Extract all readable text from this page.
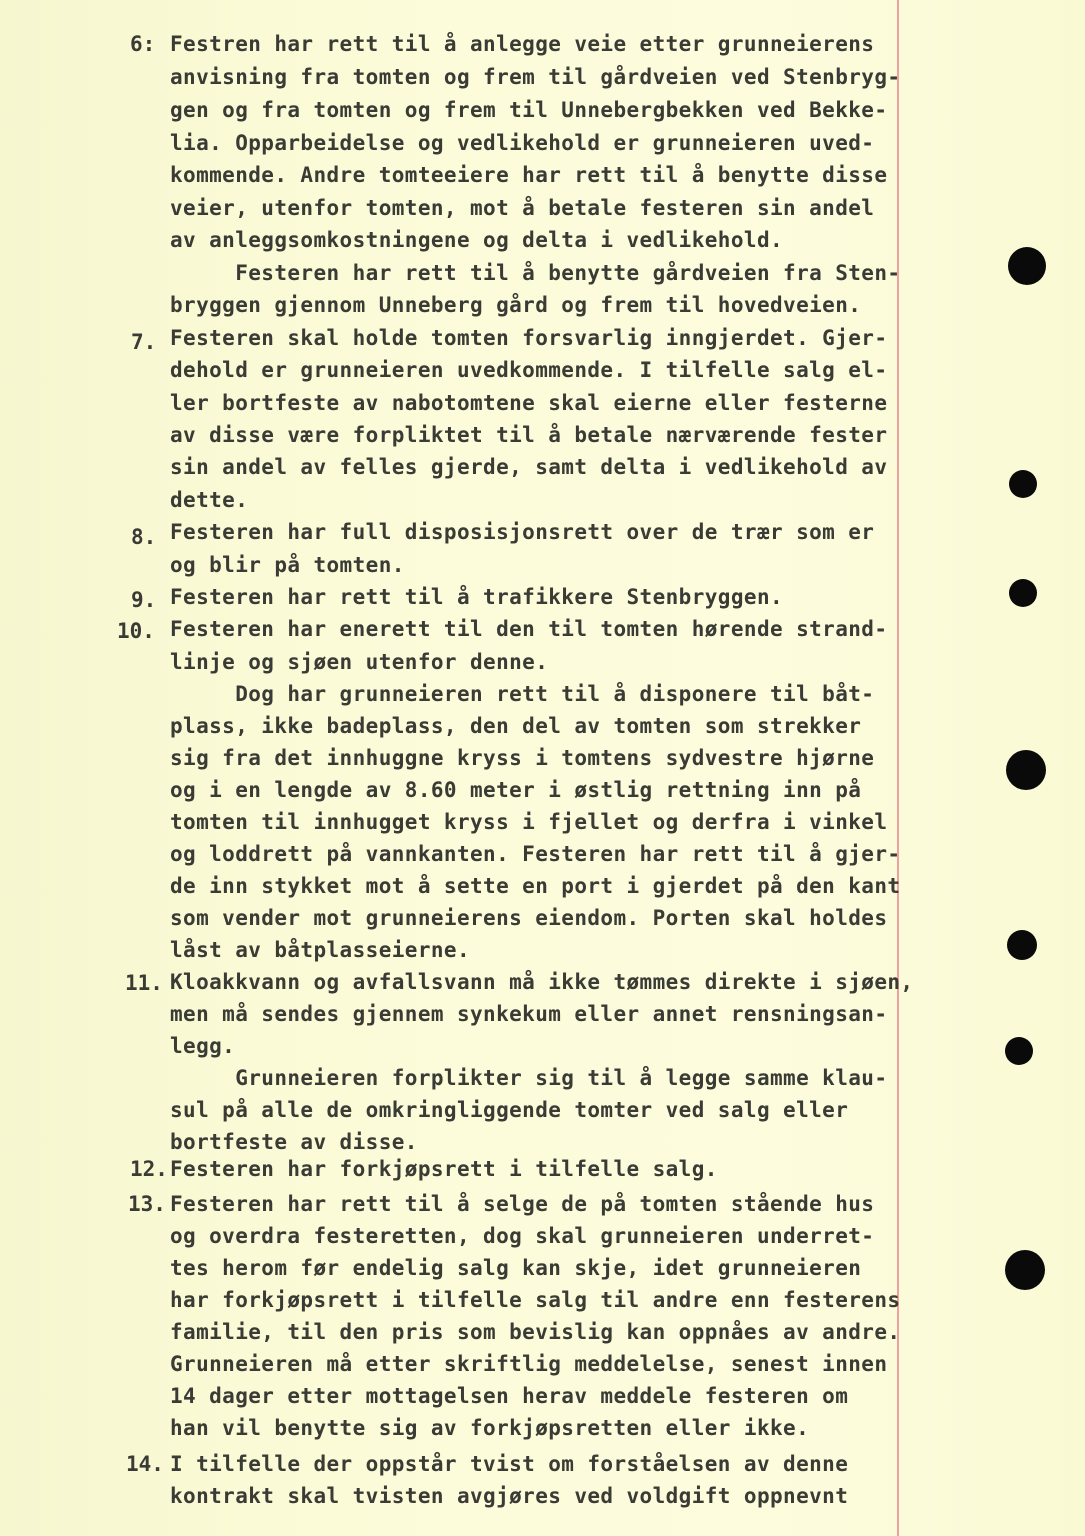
6:
7.
8.
9.
10.
11.
12.
13.
14.
Festren har rett til å anlegge veie etter grunneierens
anvisning fra tomten og frem til gårdveien ved Stenbryg-
gen og fra tomten og frem til Unnebergbekken ved Bekke-
lia. Opparbeidelse og vedlikehold er grunneieren uved-
kommende. Andre tomteeiere har rett til å benytte disse
veier, utenfor tomten, mot å betale festeren sin andel
av anleggsomkostningene og delta i vedlikehold.
Festeren har rett til å benytte gårdveien fra Sten-
bryggen gjennom Unneberg gård og frem til hovedveien.
Festeren skal holde tomten forsvarlig inngjerdet. Gjer-
dehold er grunneieren uvedkommende. I tilfelle salg el-
ler bortfeste av nabotomtene skal eierne eller festerne
av disse være forpliktet til å betale nærværende fester
sin andel av felles gjerde, samt delta i vedlikehold av
dette.
Festeren har full disposisjonsrett over de trær som er
og blir på tomten.
Festeren har rett til å trafikkere Stenbryggen.
Festeren har enerett til den til tomten hørende strand-
linje og sjøen utenfor denne.
Dog har grunneieren rett til å disponere til båt-
plass, ikke badeplass, den del av tomten som strekker
sig fra det innhuggne kryss i tomtens sydvestre hjørne
og i en lengde av 8.60 meter i østlig rettning inn på
tomten til innhugget kryss i fjellet og derfra i vinkel
og loddrett på vannkanten. Festeren har rett til å gjer-
de inn stykket mot å sette en port i gjerdet på den kant
som vender mot grunneierens eiendom. Porten skal holdes
låst av båtplasseierne.
Kloakkvann og avfallsvann må ikke tømmes direkte i sjøen,
men må sendes gjennem synkekum eller annet rensningsan-
legg.
Grunneieren forplikter sig til å legge samme klau-
sul på alle de omkringliggende tomter ved salg eller
bortfeste av disse.
Festeren har forkjøpsrett i tilfelle salg.
Festeren har rett til å selge de på tomten stående hus
og overdra festeretten, dog skal grunneieren underret-
tes herom før endelig salg kan skje, idet grunneieren
har forkjøpsrett i tilfelle salg til andre enn festerens
familie, til den pris som bevislig kan oppnåes av andre.
Grunneieren må etter skriftlig meddelelse, senest innen
14 dager etter mottagelsen herav meddele festeren om
han vil benytte sig av forkjøpsretten eller ikke.
I tilfelle der oppstår tvist om forståelsen av denne
kontrakt skal tvisten avgjøres ved voldgift oppnevnt
